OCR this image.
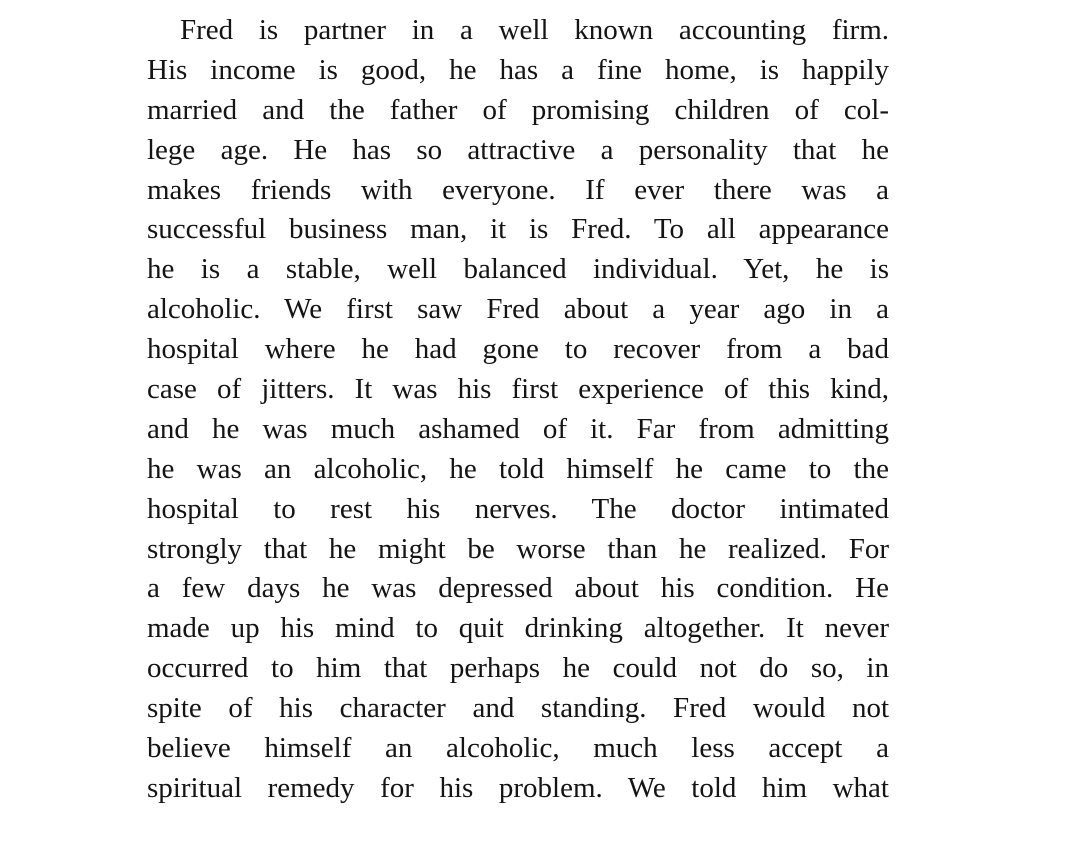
Fred is partner in a well known accounting firm.
His income is good, he has a fine home, is happily
married and the father of promising children of col-
lege age. He has so attractive a personality that he
makes friends with everyone. If ever there was a
successful business man, it is Fred. To all appearance
he is a stable, well balanced individual. Yet, he is
alcoholic. We first saw Fred about a year ago in a
hospital where he had gone to recover from a bad
case of jitters. It was his first experience of this kind,
and he was much ashamed of it. Far from admitting
he was an alcoholic, he told himself he came to the
hospital to rest his nerves. The doctor intimated
strongly that he might be worse than he realized. For
a few days he was depressed about his condition. He
made up his mind to quit drinking altogether. It never
occurred to him that perhaps he could not do so, in
spite of his character and standing. Fred would not
believe himself an alcoholic, much less accept a
spiritual remedy for his problem. We told him what
